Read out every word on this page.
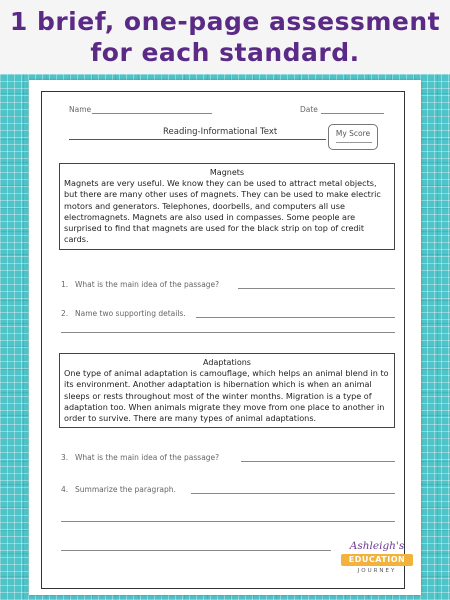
1 brief, one-page assessment
for each standard.
Name	Date
Reading-Informational Text	My Score
Magnets
Magnets are very useful. We know they can be used to attract metal objects, but there are many other uses of magnets. They can be used to make electric motors and generators. Telephones, doorbells, and computers all use electromagnets. Magnets are also used in compasses. Some people are surprised to find that magnets are used for the black strip on top of credit cards.
1. What is the main idea of the passage?
2. Name two supporting details.
Adaptations
One type of animal adaptation is camouflage, which helps an animal blend in to its environment. Another adaptation is hibernation which is when an animal sleeps or rests throughout most of the winter months. Migration is a type of adaptation too. When animals migrate they move from one place to another in order to survive. There are many types of animal adaptations.
3. What is the main idea of the passage?
4. Summarize the paragraph.
Ashleigh's
EDUCATION
JOURNEY
